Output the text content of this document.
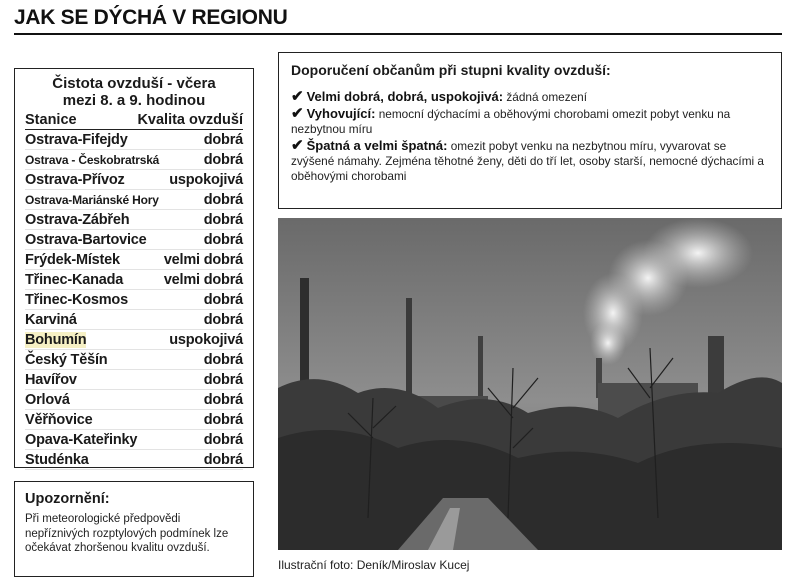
JAK SE DÝCHÁ V REGIONU
Čistota ovzduší - včera
mezi 8. a 9. hodinou
Stanice	Kvalita ovzduší
Ostrava-Fifejdy	dobrá
Ostrava - Českobratrská	dobrá
Ostrava-Přívoz	uspokojivá
Ostrava-Mariánské Hory	dobrá
Ostrava-Zábřeh	dobrá
Ostrava-Bartovice	dobrá
Frýdek-Místek	velmi dobrá
Třinec-Kanada	velmi dobrá
Třinec-Kosmos	dobrá
Karviná	dobrá
Bohumín	uspokojivá
Český Těšín	dobrá
Havířov	dobrá
Orlová	dobrá
Věřňovice	dobrá
Opava-Kateřinky	dobrá
Studénka	dobrá
Upozornění:
Při meteorologické předpovědi nepříznivých rozptylových podmínek lze očekávat zhoršenou kvalitu ovzduší.
Doporučení občanům při stupni kvality ovzduší:
✔ Velmi dobrá, dobrá, uspokojivá: žádná omezení
✔ Vyhovující: nemocní dýchacími a oběhovými chorobami omezit pobyt venku na nezbytnou míru
✔ Špatná a velmi špatná: omezit pobyt venku na nezbytnou míru, vyvarovat se zvýšené námahy. Zejména těhotné ženy, děti do tří let, osoby starší, nemocné dýchacími a oběhovými chorobami
Ilustrační foto: Deník/Miroslav Kucej
